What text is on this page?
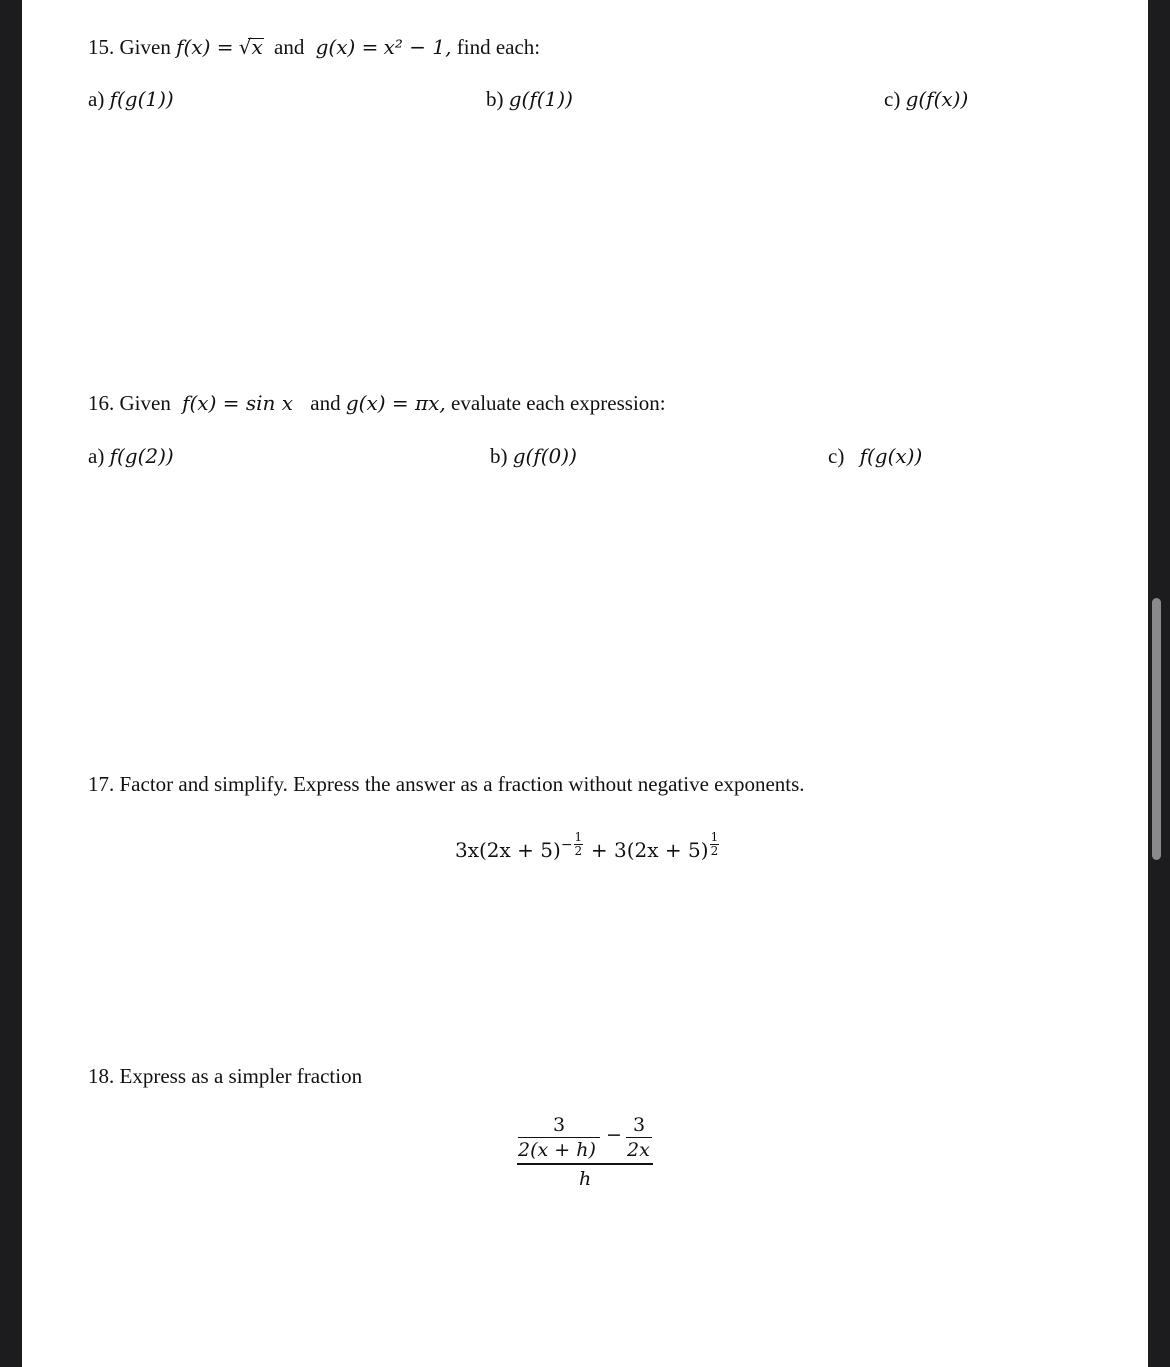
15. Given f(x) = √x and g(x) = x² − 1, find each:
a) f(g(1))	b) g(f(1))	c) g(f(x))
16. Given f(x) = sin x and g(x) = πx, evaluate each expression:
a) f(g(2))	b) g(f(0))	c) f(g(x))
17. Factor and simplify. Express the answer as a fraction without negative exponents.
$3x(2x + 5)^- \frac{1}{2} + 3(2x + 5) \frac{1}{2}$
18. Express as a simpler fraction
3
2(x + h)
− 3
2x
h
